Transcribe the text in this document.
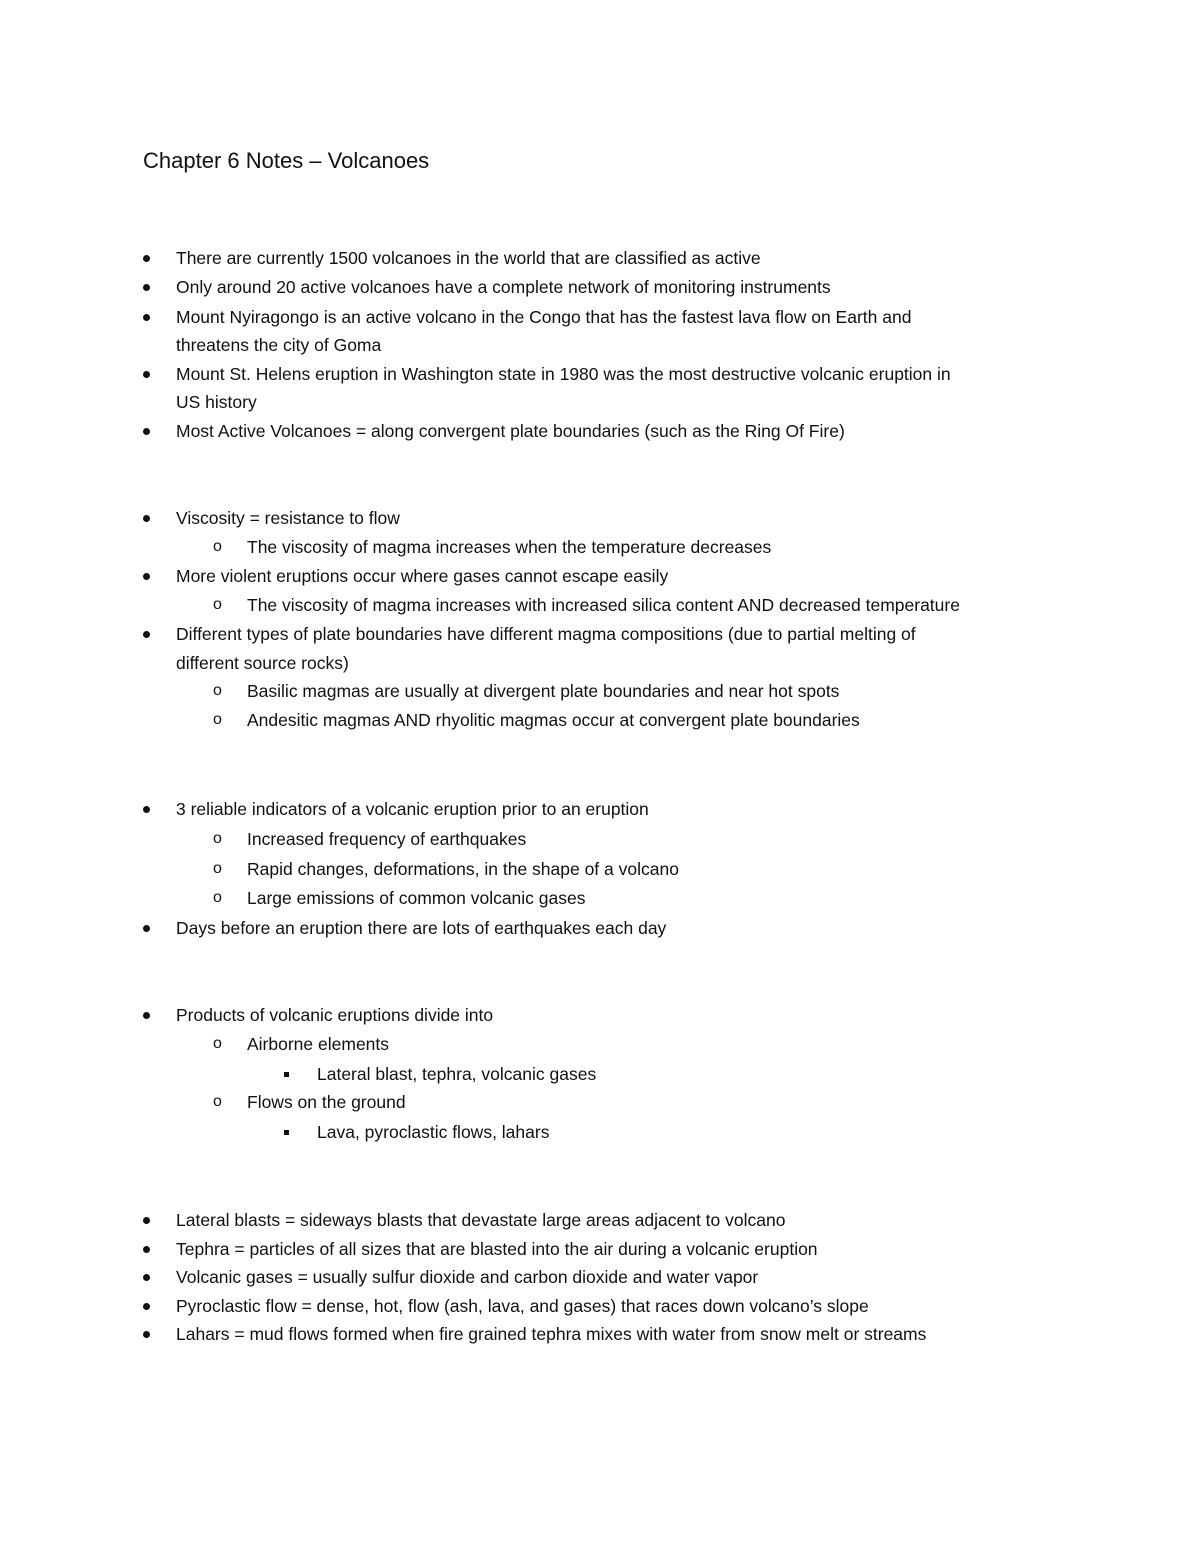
Chapter 6 Notes – Volcanoes
There are currently 1500 volcanoes in the world that are classified as active
Only around 20 active volcanoes have a complete network of monitoring instruments
Mount Nyiragongo is an active volcano in the Congo that has the fastest lava flow on Earth and
threatens the city of Goma
Mount St. Helens eruption in Washington state in 1980 was the most destructive volcanic eruption in
US history
Most Active Volcanoes = along convergent plate boundaries (such as the Ring Of Fire)
Viscosity = resistance to flow
o The viscosity of magma increases when the temperature decreases
More violent eruptions occur where gases cannot escape easily
o The viscosity of magma increases with increased silica content AND decreased temperature
Different types of plate boundaries have different magma compositions (due to partial melting of
different source rocks)
o Basilic magmas are usually at divergent plate boundaries and near hot spots
o Andesitic magmas AND rhyolitic magmas occur at convergent plate boundaries
3 reliable indicators of a volcanic eruption prior to an eruption
o Increased frequency of earthquakes
o Rapid changes, deformations, in the shape of a volcano
o Large emissions of common volcanic gases
Days before an eruption there are lots of earthquakes each day
Products of volcanic eruptions divide into
o Airborne elements
Lateral blast, tephra, volcanic gases
o Flows on the ground
Lava, pyroclastic flows, lahars
Lateral blasts = sideways blasts that devastate large areas adjacent to volcano
Tephra = particles of all sizes that are blasted into the air during a volcanic eruption
Volcanic gases = usually sulfur dioxide and carbon dioxide and water vapor
Pyroclastic flow = dense, hot, flow (ash, lava, and gases) that races down volcano’s slope
Lahars = mud flows formed when fire grained tephra mixes with water from snow melt or streams
